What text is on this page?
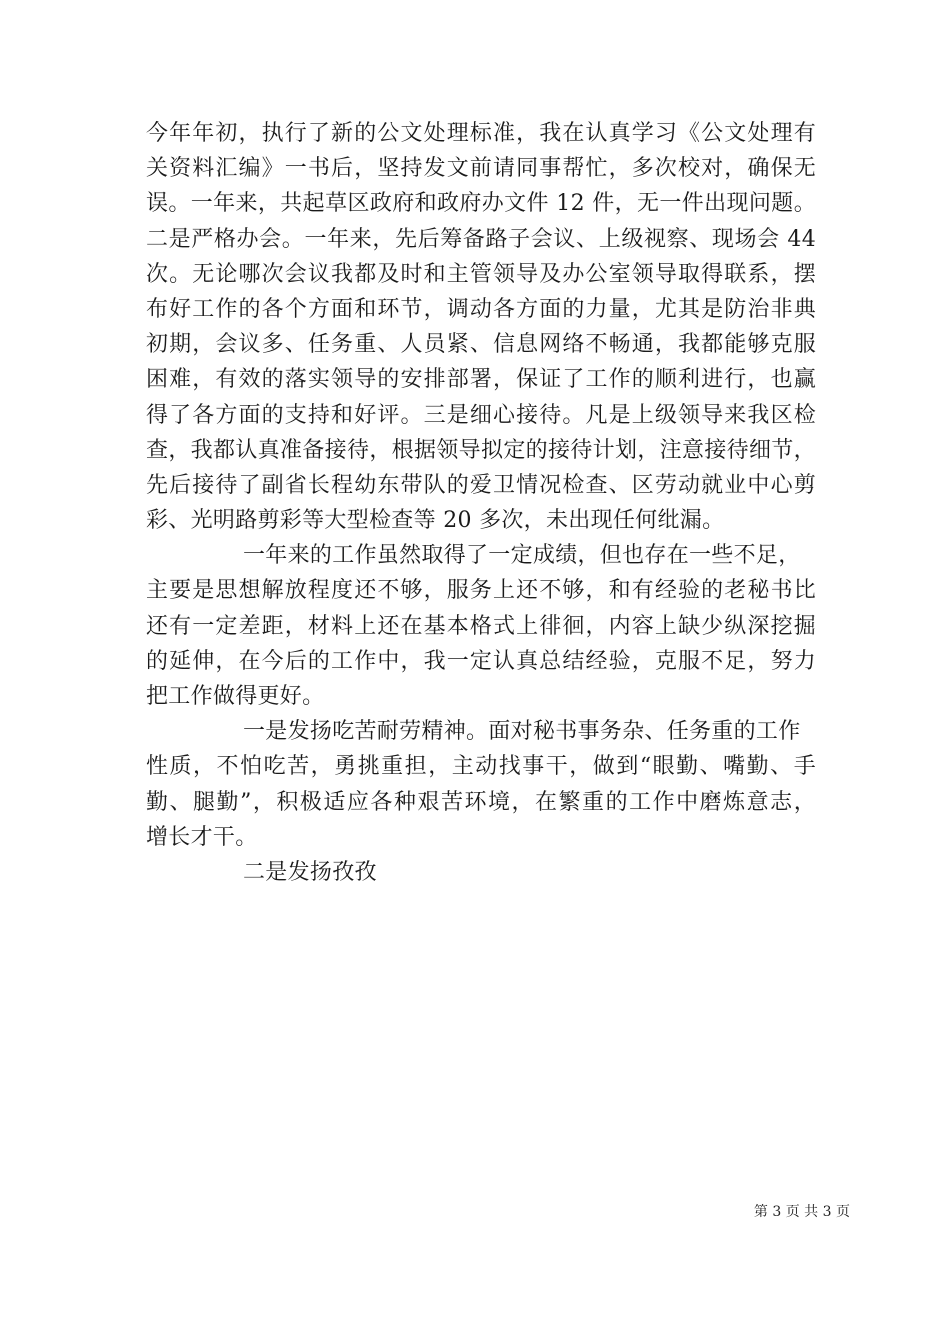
今年年初，执行了新的公文处理标准，我在认真学习《公文处理有
关资料汇编》一书后，坚持发文前请同事帮忙，多次校对，确保无
误。一年来，共起草区政府和政府办文件 12 件，无一件出现问题。
二是严格办会。一年来，先后筹备路子会议、上级视察、现场会 44
次。无论哪次会议我都及时和主管领导及办公室领导取得联系，摆
布好工作的各个方面和环节，调动各方面的力量，尤其是防治非典
初期，会议多、任务重、人员紧、信息网络不畅通，我都能够克服
困难，有效的落实领导的安排部署，保证了工作的顺利进行，也赢
得了各方面的支持和好评。三是细心接待。凡是上级领导来我区检
查，我都认真准备接待，根据领导拟定的接待计划，注意接待细节，
先后接待了副省长程幼东带队的爱卫情况检查、区劳动就业中心剪
彩、光明路剪彩等大型检查等 20 多次，未出现任何纰漏。
一年来的工作虽然取得了一定成绩，但也存在一些不足，
主要是思想解放程度还不够，服务上还不够，和有经验的老秘书比
还有一定差距，材料上还在基本格式上徘徊，内容上缺少纵深挖掘
的延伸，在今后的工作中，我一定认真总结经验，克服不足，努力
把工作做得更好。
一是发扬吃苦耐劳精神。面对秘书事务杂、任务重的工作
性质，不怕吃苦，勇挑重担，主动找事干，做到“眼勤、嘴勤、手
勤、腿勤”，积极适应各种艰苦环境，在繁重的工作中磨炼意志，
增长才干。
二是发扬孜孜
第 3 页 共 3 页
